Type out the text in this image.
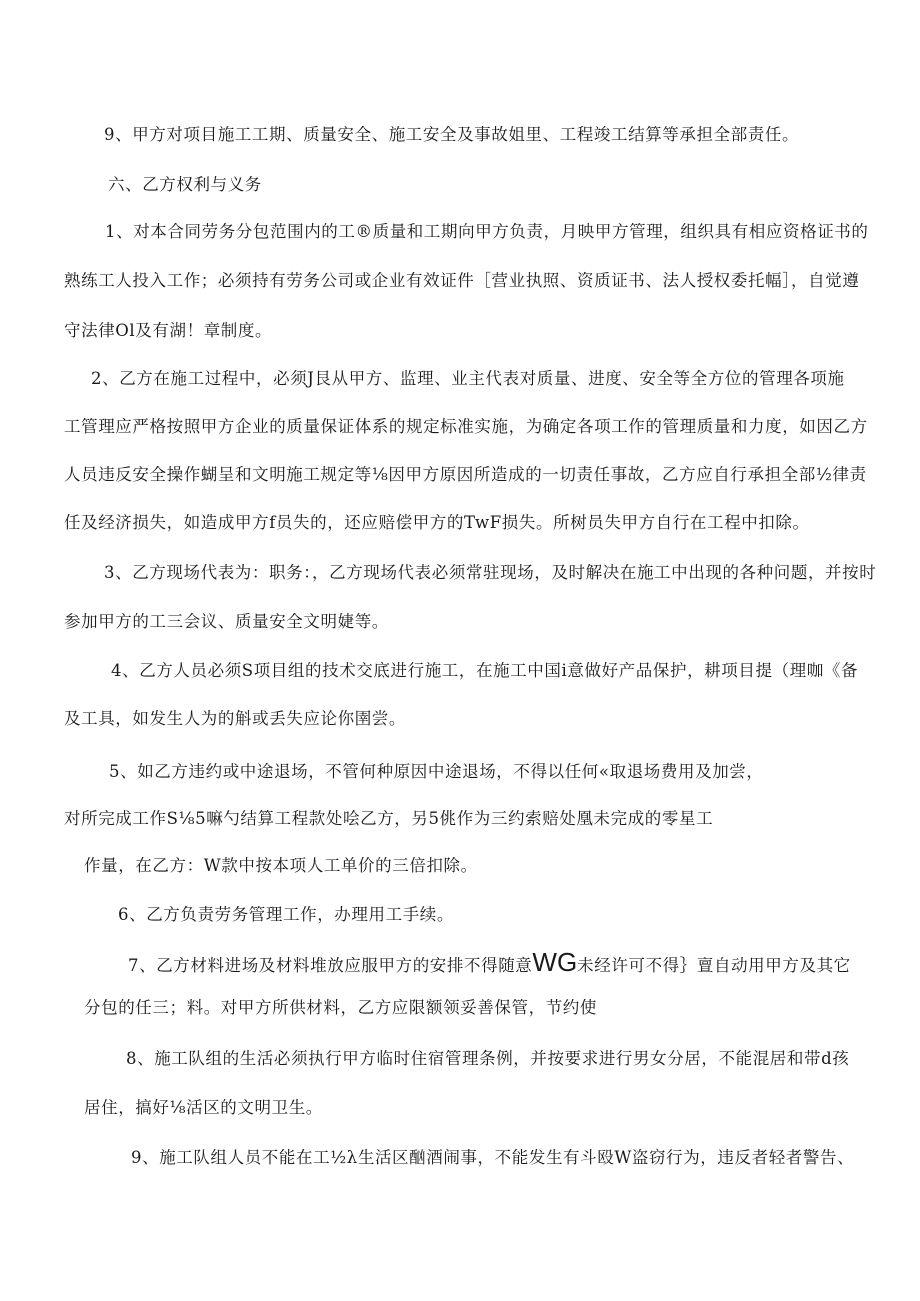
9、甲方对项目施工工期、质量安全、施工安全及事故姐里、工程竣工结算等承担全部责任。
六、乙方权利与义务
1、对本合同劳务分包范围内的工®质量和工期向甲方负责，月映甲方管理，组织具有相应资格证书的
熟练工人投入工作；必须持有劳务公司或企业有效证件［营业执照、资质证书、法人授权委托幅］，自觉遵
守法律Ol及有湖！章制度。
2、乙方在施工过程中，必须J艮从甲方、监理、业主代表对质量、进度、安全等全方位的管理各项施
工管理应严格按照甲方企业的质量保证体系的规定标准实施，为确定各项工作的管理质量和力度，如因乙方
人员违反安全操作蝴呈和文明施工规定等⅛因甲方原因所造成的一切责任事故，乙方应自行承担全部½律责
任及经济损失，如造成甲方f员失的，还应赔偿甲方的TwF损失。所树员失甲方自行在工程中扣除。
3、乙方现场代表为：职务：，乙方现场代表必须常驻现场，及时解决在施工中出现的各种问题，并按时
参加甲方的工三会议、质量安全文明婕等。
4、乙方人员必须S项目组的技术交底进行施工，在施工中国i意做好产品保护，耕项目提（理咖《备
及工具，如发生人为的斛或丢失应论你圉尝。
5、如乙方违约或中途退场，不管何种原因中途退场，不得以任何«取退场费用及加尝，
对所完成工作S⅛5嘛勺结算工程款处哙乙方，另5佻作为三约索赔处凰未完成的零星工
作量，在乙方：W款中按本项人工单价的三倍扣除。
6、乙方负责劳务管理工作，办理用工手续。
7、乙方材料进场及材料堆放应服甲方的安排不得随意WG未经许可不得｝亶自动用甲方及其它
分包的任三；料。对甲方所供材料，乙方应限额领妥善保管，节约使
8、施工队组的生活必须执行甲方临时住宿管理条例，并按要求进行男女分居，不能混居和带d孩
居住，搞好⅛活区的文明卫生。
9、施工队组人员不能在工½λ生活区酗酒闹事，不能发生有斗殴W盗窃行为，违反者轻者警告、
